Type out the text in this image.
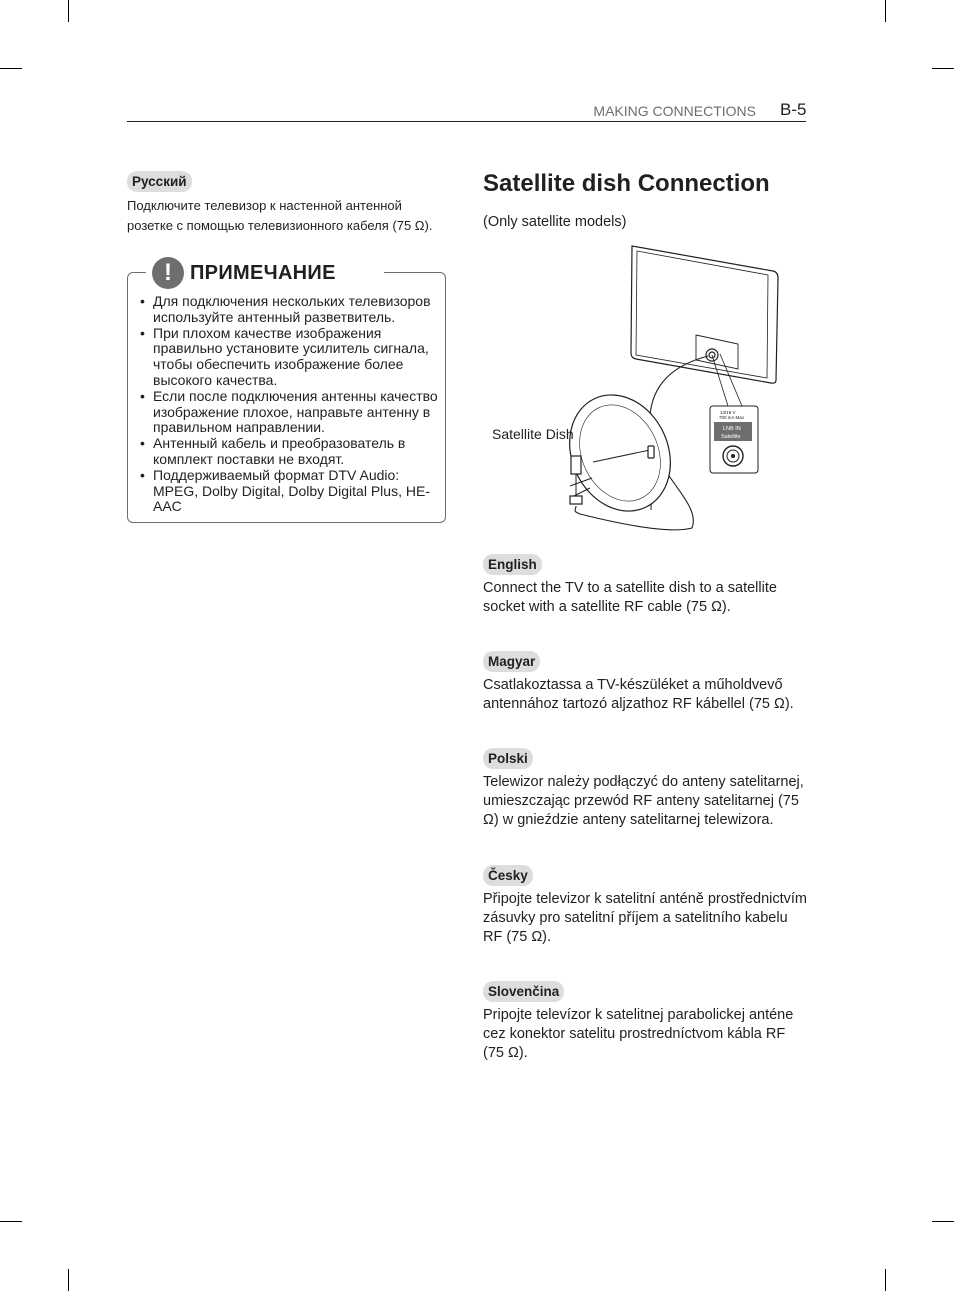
MAKING CONNECTIONS B-5
Русский
Подключите телевизор к настенной антенной розетке с помощью телевизионного кабеля (75 Ω).
! ПРИМЕЧАНИЕ
• Для подключения нескольких телевизоров используйте антенный разветвитель.
• При плохом качестве изображения правильно установите усилитель сигнала, чтобы обеспечить изображение более высокого качества.
• Если после подключения антенны качество изображение плохое, направьте антенну в правильном направлении.
• Антенный кабель и преобразователь в комплект поставки не входят.
• Поддерживаемый формат DTV Audio: MPEG, Dolby Digital, Dolby Digital Plus, HE-AAC
Satellite dish Connection
(Only satellite models)
13/18 V
700 mA Max
LNB IN
Satellite
Satellite Dish
English
Connect the TV to a satellite dish to a satellite socket with a satellite RF cable (75 Ω).
Magyar
Csatlakoztassa a TV-készüléket a műholdvevő antennához tartozó aljzathoz RF kábellel (75 Ω).
Polski
Telewizor należy podłączyć do anteny satelitarnej, umieszczając przewód RF anteny satelitarnej (75 Ω) w gnieździe anteny satelitarnej telewizora.
Česky
Připojte televizor k satelitní anténě prostřednictvím zásuvky pro satelitní příjem a satelitního kabelu RF (75 Ω).
Slovenčina
Pripojte televízor k satelitnej parabolickej anténe cez konektor satelitu prostredníctvom kábla RF (75 Ω).
